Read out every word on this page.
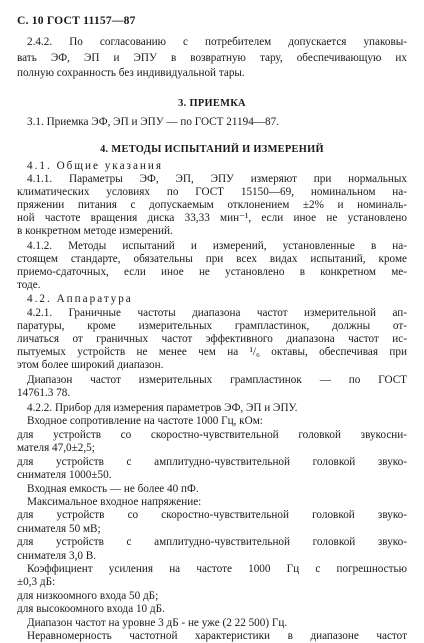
С. 10 ГОСТ 11157—87
2.4.2. По согласованию с потребителем допускается упаковы-
вать ЭФ, ЭП и ЭПУ в возвратную тару, обеспечивающую их
полную сохранность без индивидуальной тары.
3. ПРИЕМКА
3.1. Приемка ЭФ, ЭП и ЭПУ — по ГОСТ 21194—87.
4. МЕТОДЫ ИСПЫТАНИЙ И ИЗМЕРЕНИЙ
4.1. Общие указания
4.1.1. Параметры ЭФ, ЭП, ЭПУ измеряют при нормальных
климатических условиях по ГОСТ 15150—69, номинальном на-
пряжении питания с допускаемым отклонением ±2% и номиналь-
ной частоте вращения диска 33,33 мин⁻¹, если иное не установлено
в конкретном методе измерений.
4.1.2. Методы испытаний и измерений, установленные в на-
стоящем стандарте, обязательны при всех видах испытаний, кроме
приемо-сдаточных, если иное не установлено в конкретном ме-
тоде.
4.2. Аппаратура
4.2.1. Граничные частоты диапазона частот измерительной ап-
паратуры, кроме измерительных грампластинок, должны от-
личаться от граничных частот эффективного диапазона частот ис-
пытуемых устройств не менее чем на ¹/₆ октавы, обеспечивая при
этом более широкий диапазон.
Диапазон частот измерительных грампластинок — по ГОСТ
14761.3 78.
4.2.2. Прибор для измерения параметров ЭФ, ЭП и ЭПУ.
Входное сопротивление на частоте 1000 Гц, кОм:
для устройств со скоростно-чувствительной головкой звукосни-
мателя 47,0±2,5;
для устройств с амплитудно-чувствительной головкой звуко-
снимателя 1000±50.
Входная емкость — не более 40 пФ.
Максимальное входное напряжение:
для устройств со скоростно-чувствительной головкой звуко-
снимателя 50 мВ;
для устройств с амплитудно-чувствительной головкой звуко-
снимателя 3,0 В.
Коэффициент усиления на частоте 1000 Гц с погрешностью
±0,3 дБ:
для низкоомного входа 50 дБ;
для высокоомного входа 10 дБ.
Диапазон частот на уровне 3 дБ - не уже (2 22 500) Гц.
Неравномерность частотной характеристики в диапазоне частот
